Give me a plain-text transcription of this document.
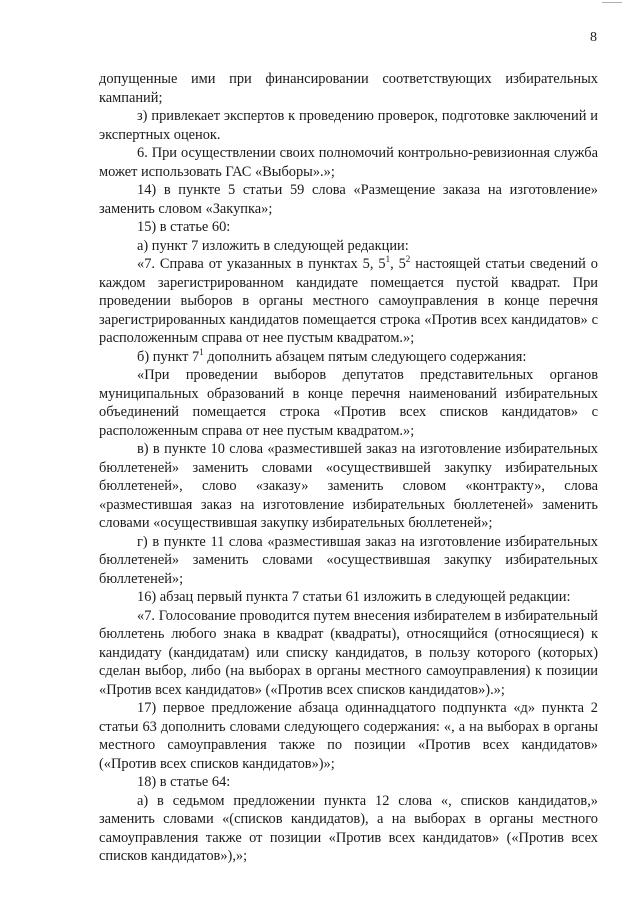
8

допущенные ими при финансировании соответствующих избирательных кампаний;

з) привлекает экспертов к проведению проверок, подготовке заключений и экспертных оценок.

6. При осуществлении своих полномочий контрольно-ревизионная служба может использовать ГАС «Выборы».»;

14) в пункте 5 статьи 59 слова «Размещение заказа на изготовление» заменить словом «Закупка»;

15) в статье 60:

а) пункт 7 изложить в следующей редакции:

«7. Справа от указанных в пунктах 5, $5^1$, $5^2$ настоящей статьи сведений о каждом зарегистрированном кандидате помещается пустой квадрат. При проведении выборов в органы местного самоуправления в конце перечня зарегистрированных кандидатов помещается строка «Против всех кандидатов» с расположенным справа от нее пустым квадратом.»;

б) пункт $7^1$ дополнить абзацем пятым следующего содержания:

«При проведении выборов депутатов представительных органов муниципальных образований в конце перечня наименований избирательных объединений помещается строка «Против всех списков кандидатов» с расположенным справа от нее пустым квадратом.»;

в) в пункте 10 слова «разместившей заказ на изготовление избирательных бюллетеней» заменить словами «осуществившей закупку избирательных бюллетеней», слово «заказу» заменить словом «контракту», слова «разместившая заказ на изготовление избирательных бюллетеней» заменить словами «осуществившая закупку избирательных бюллетеней»;

г) в пункте 11 слова «разместившая заказ на изготовление избирательных бюллетеней» заменить словами «осуществившая закупку избирательных бюллетеней»;

16) абзац первый пункта 7 статьи 61 изложить в следующей редакции:

«7. Голосование проводится путем внесения избирателем в избирательный бюллетень любого знака в квадрат (квадраты), относящийся (относящиеся) к кандидату (кандидатам) или списку кандидатов, в пользу которого (которых) сделан выбор, либо (на выборах в органы местного самоуправления) к позиции «Против всех кандидатов» («Против всех списков кандидатов»).»;

17) первое предложение абзаца одиннадцатого подпункта «д» пункта 2 статьи 63 дополнить словами следующего содержания: «, а на выборах в органы местного самоуправления также по позиции «Против всех кандидатов» («Против всех списков кандидатов»)»;

18) в статье 64:

а) в седьмом предложении пункта 12 слова «, списков кандидатов,» заменить словами «(списков кандидатов), а на выборах в органы местного самоуправления также от позиции «Против всех кандидатов» («Против всех списков кандидатов»),»;
